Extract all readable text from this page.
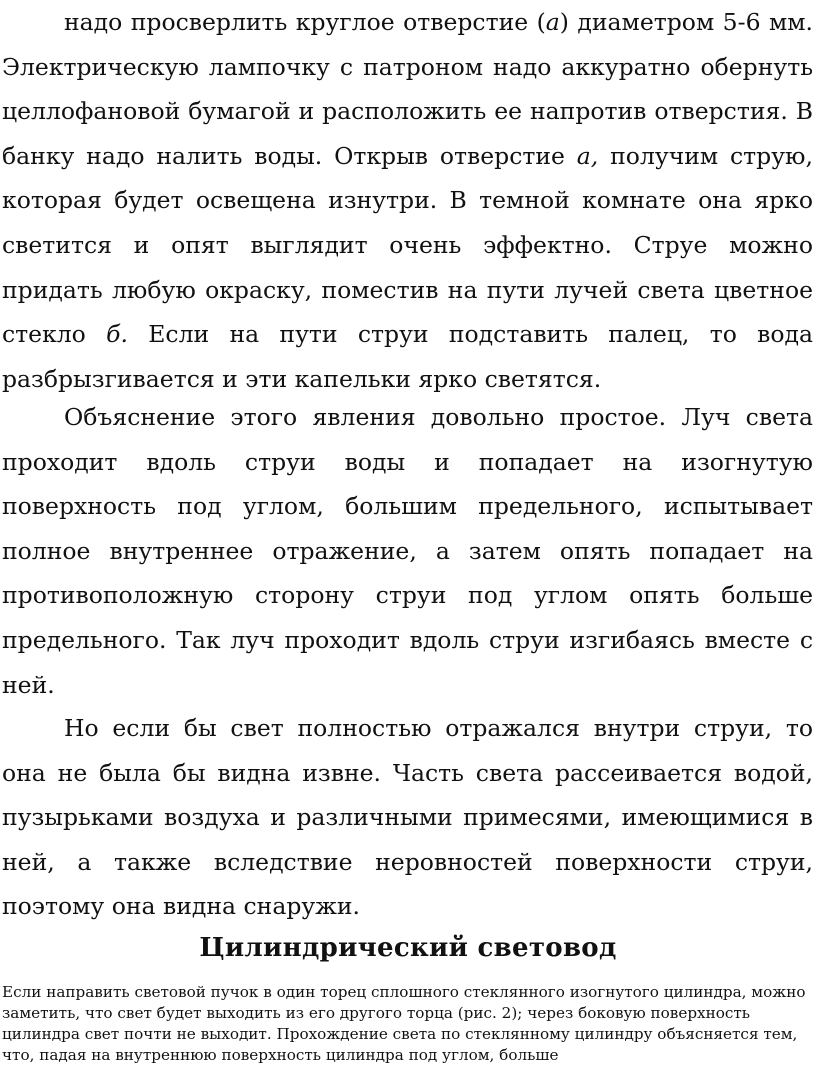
надо просверлить круглое отверстие (а) диаметром 5-6 мм. Электрическую лампочку с патроном надо аккуратно обернуть целлофановой бумагой и расположить ее напротив отверстия. В банку надо налить воды. Открыв отверстие а, получим струю, которая будет освещена изнутри. В темной комнате она ярко светится и опят выглядит очень эффектно. Струе можно придать любую окраску, поместив на пути лучей света цветное стекло б. Если на пути струи подставить палец, то вода разбрызгивается и эти капельки ярко светятся.

Объяснение этого явления довольно простое. Луч света проходит вдоль струи воды и попадает на изогнутую поверхность под углом, большим предельного, испытывает полное внутреннее отражение, а затем опять попадает на противоположную сторону струи под углом опять больше предельного. Так луч проходит вдоль струи изгибаясь вместе с ней.

Но если бы свет полностью отражался внутри струи, то она не была бы видна извне. Часть света рассеивается водой, пузырьками воздуха и различными примесями, имеющимися в ней, а также вследствие неровностей поверхности струи, поэтому она видна снаружи.

Цилиндрический световод

Если направить световой пучок в один торец сплошного стеклянного изогнутого цилиндра, можно заметить, что свет будет выходить из его другого торца (рис. 2); через боковую поверхность цилиндра свет почти не выходит. Прохождение света по стеклянному цилиндру объясняется тем, что, падая на внутреннюю поверхность цилиндра под углом, больше
